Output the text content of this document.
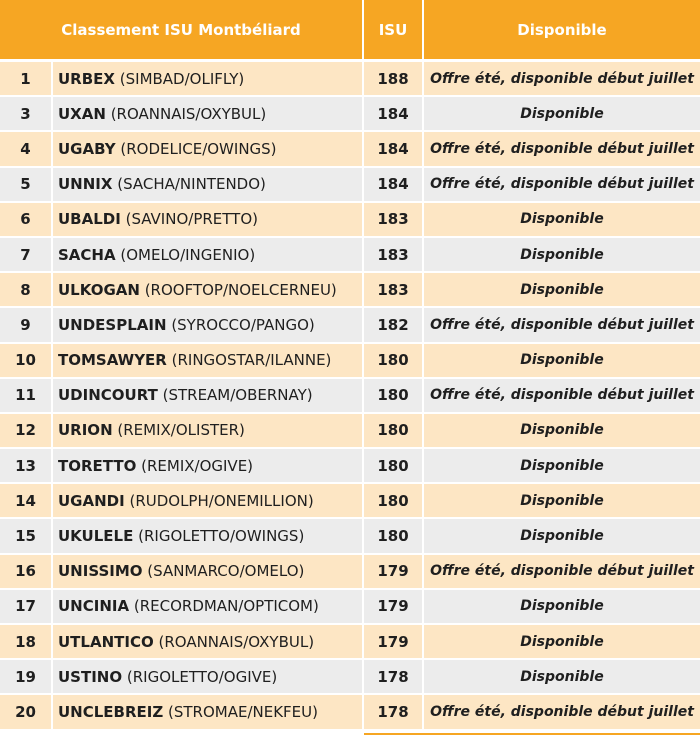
Classement ISU Montbéliard		ISU	Disponible
1	URBEX (SIMBAD/OLIFLY)	188	Offre été, disponible début juillet
3	UXAN (ROANNAIS/OXYBUL)	184	Disponible
4	UGABY (RODELICE/OWINGS)	184	Offre été, disponible début juillet
5	UNNIX (SACHA/NINTENDO)	184	Offre été, disponible début juillet
6	UBALDI (SAVINO/PRETTO)	183	Disponible
7	SACHA (OMELO/INGENIO)	183	Disponible
8	ULKOGAN (ROOFTOP/NOELCERNEU)	183	Disponible
9	UNDESPLAIN (SYROCCO/PANGO)	182	Offre été, disponible début juillet
10	TOMSAWYER (RINGOSTAR/ILANNE)	180	Disponible
11	UDINCOURT (STREAM/OBERNAY)	180	Offre été, disponible début juillet
12	URION (REMIX/OLISTER)	180	Disponible
13	TORETTO (REMIX/OGIVE)	180	Disponible
14	UGANDI (RUDOLPH/ONEMILLION)	180	Disponible
15	UKULELE (RIGOLETTO/OWINGS)	180	Disponible
16	UNISSIMO (SANMARCO/OMELO)	179	Offre été, disponible début juillet
17	UNCINIA (RECORDMAN/OPTICOM)	179	Disponible
18	UTLANTICO (ROANNAIS/OXYBUL)	179	Disponible
19	USTINO (RIGOLETTO/OGIVE)	178	Disponible
20	UNCLEBREIZ (STROMAE/NEKFEU)	178	Offre été, disponible début juillet
